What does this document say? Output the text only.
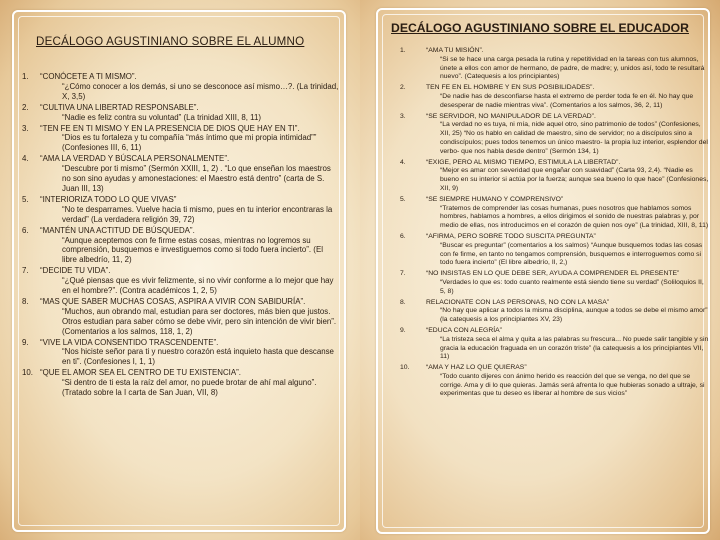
DECÁLOGO AGUSTINIANO SOBRE EL ALUMNO
1.	“CONÓCETE A TI MISMO”.
“¿Cómo conocer a los demás, si uno se desconoce así mismo…?. (La trinidad, X, 3,5)
2.	“CULTIVA UNA LIBERTAD RESPONSABLE”.
“Nadie es feliz contra su voluntad” (La trinidad XIII, 8, 11)
3.	“TEN FE EN TI MISMO Y EN LA PRESENCIA DE DIOS QUE HAY EN TI”.
“Dios es tu fortaleza y tu compañía “más íntimo que mi propia intimidad”” (Confesiones III, 6, 11)
4.	“AMA LA VERDAD Y BÚSCALA PERSONALMENTE”.
“Descubre por ti mismo” (Sermón XXIII, 1, 2) . “Lo que enseñan los maestros no son sino ayudas y amonestaciones: el Maestro está dentro” (carta de S. Juan III, 13)
5.	“INTERIORIZA TODO LO QUE VIVAS”
“No te desparrames. Vuelve hacia ti mismo, pues en tu interior encontraras la verdad” (La verdadera religión 39, 72)
6.	“MANTÉN UNA ACTITUD DE BÚSQUEDA”.
“Aunque aceptemos con fe firme estas cosas, mientras no logremos su comprensión, busquemos e investiguemos como si todo fuera incierto”. (El libre albedrío, 11, 2)
7.	“DECIDE TU VIDA”.
“¿Qué piensas que es vivir felizmente, si no vivir conforme a lo mejor que hay en el hombre?”. (Contra académicos 1, 2, 5)
8.	“MAS QUE SABER MUCHAS COSAS, ASPIRA A VIVIR CON SABIDURÍA”.
“Muchos, aun obrando mal, estudian para ser doctores, más bien que justos. Otros estudian para saber cómo se debe vivir, pero sin intención de vivir bien”. (Comentarios a los salmos, 118, 1, 2)
9.	“VIVE LA VIDA CONSENTIDO TRASCENDENTE”.
“Nos hiciste señor para ti y nuestro corazón está inquieto hasta que descanse en ti”. (Confesiones I, 1, 1)
10. “QUE EL AMOR SEA EL CENTRO DE TU EXISTENCIA”.
“Si dentro de ti esta la raíz del amor, no puede brotar de ahí mal alguno”. (Tratado sobre la I carta de San Juan, VII, 8)
DECÁLOGO AGUSTINIANO SOBRE EL EDUCADOR
1.	“AMA TU MISIÓN”.
“Si se te hace una carga pesada la rutina y repetitividad en la tareas con tus alumnos, únete a ellos con amor de hermano, de padre, de madre; y, unidos así, todo te resultará nuevo”. (Catequesis a los principiantes)
2.	TEN FE EN EL HOMBRE Y EN SUS POSIBILIDADES”.
“De nadie has de desconfiarse hasta el extremo de perder toda fe en él. No hay que desesperar de nadie mientras viva”. (Comentarios a los salmos, 36, 2, 11)
3.	“SE SERVIDOR, NO MANIPULADOR DE LA VERDAD”.
“La verdad no es tuya, ni mía, nide aquel otro, sino patrimonio de todos” (Confesiones, XII, 25) “No os hablo en calidad de maestro, sino de servidor; no a discípulos sino a condiscípulos; pues todos tenemos un único maestro- la propia luz interior, esplendor del verbo- que nos habla desde dentro” (Sermón 134, 1)
4.	“EXIGE, PERO AL MISMO TIEMPO, ESTIMULA LA LIBERTAD”.
“Mejor es amar con severidad que engañar con suavidad” (Carta 93, 2,4). “Nadie es bueno en su interior si actúa por la fuerza; aunque sea bueno lo que hace” (Confesiones, XII, 9)
5.	“SE SIEMPRE HUMANO Y COMPRENSIVO”
“Tratemos de comprender las cosas humanas, pues nosotros que hablamos somos hombres, hablamos a hombres, a ellos dirigimos el sonido de nuestras palabras y, por medio de ellas, nos introducimos en el corazón de quien nos oye” (La trinidad, XIII, 8, 11)
6.	“AFIRMA, PERO SOBRE TODO SUSCITA PREGUNTA”
“Buscar es preguntar” (comentarios a los salmos) “Aunque busquemos todas las cosas con fe firme, en tanto no tengamos comprensión, busquemos e interroguemos como si todo fuera incierto” (El libre albedrío, II, 2,)
7.	“NO INSISTAS EN LO QUE DEBE SER, AYUDA A COMPRENDER EL PRESENTE”
“Verdades lo que es: todo cuanto realmente está siendo tiene su verdad” (Soliloquios II, 5, 8)
8.	RELACIONATE CON LAS PERSONAS, NO CON LA MASA”
“No hay que aplicar a todos la misma disciplina, aunque a todos se debe el mismo amor” (la catequesis a los principiantes XV, 23)
9.	“EDUCA CON ALEGRÍA”
“La tristeza seca el alma y quita a las palabras su frescura... No puede salir tangible y sin gracia la educación fraguada en un corazón triste” (la catequesis a los principiantes VII, 11)
10.	“AMA Y HAZ LO QUE QUIERAS”
“Todo cuanto dijeres con ánimo herido es reacción del que se venga, no del que se corrige. Ama y di lo que quieras. Jamás será afrenta lo que hubieras sonado a ultraje, si experimentas que tu deseo es liberar al hombre de sus vicios”
